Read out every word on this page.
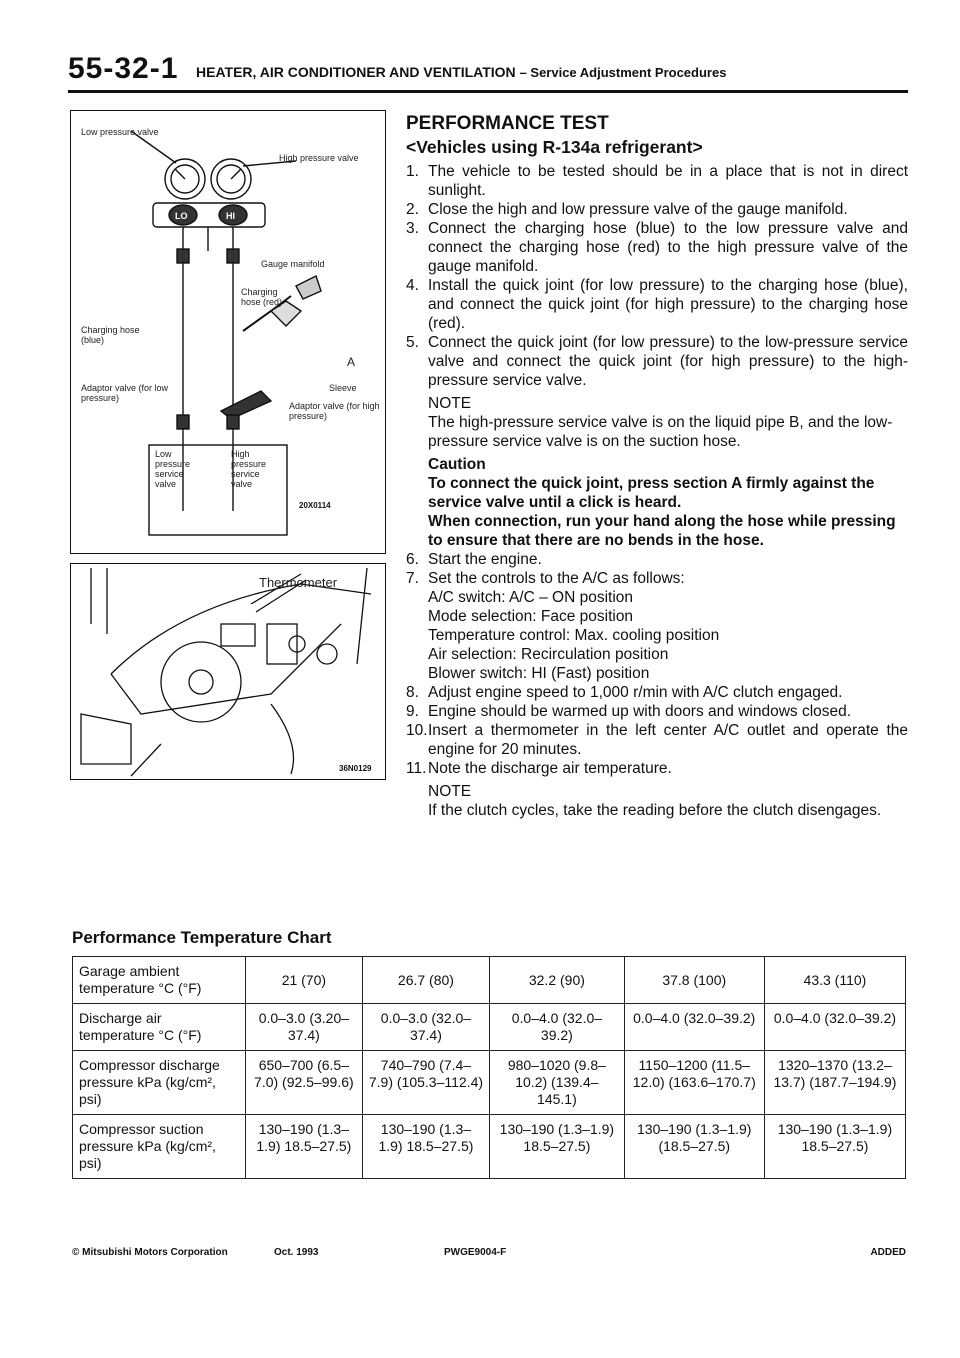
55-32-1 HEATER, AIR CONDITIONER AND VENTILATION – Service Adjustment Procedures
Low pressure valve
High pressure valve
LO	HI
Gauge manifold
Charging hose (red)
Charging hose (blue)
A
Sleeve
Adaptor valve (for low pressure)
Adaptor valve (for high pressure)
Low pressure service valve
High pressure service valve
20X0114
Thermometer
36N0129
PERFORMANCE TEST
<Vehicles using R-134a refrigerant>
1. The vehicle to be tested should be in a place that is not in direct sunlight.
2. Close the high and low pressure valve of the gauge manifold.
3. Connect the charging hose (blue) to the low pressure valve and connect the charging hose (red) to the high pressure valve of the gauge manifold.
4. Install the quick joint (for low pressure) to the charging hose (blue), and connect the quick joint (for high pressure) to the charging hose (red).
5. Connect the quick joint (for low pressure) to the low-pressure service valve and connect the quick joint (for high pressure) to the high-pressure service valve.
NOTE
The high-pressure service valve is on the liquid pipe B, and the low-pressure service valve is on the suction hose.
Caution
To connect the quick joint, press section A firmly against the service valve until a click is heard.
When connection, run your hand along the hose while pressing to ensure that there are no bends in the hose.
6. Start the engine.
7. Set the controls to the A/C as follows:
A/C switch: A/C – ON position
Mode selection: Face position
Temperature control: Max. cooling position
Air selection: Recirculation position
Blower switch: HI (Fast) position
8. Adjust engine speed to 1,000 r/min with A/C clutch engaged.
9. Engine should be warmed up with doors and windows closed.
10. Insert a thermometer in the left center A/C outlet and operate the engine for 20 minutes.
11. Note the discharge air temperature.
NOTE
If the clutch cycles, take the reading before the clutch disengages.
Performance Temperature Chart
Garage ambient temperature °C (°F)	21 (70)	26.7 (80)	32.2 (90)	37.8 (100)	43.3 (110)
Discharge air temperature °C (°F)	0.0–3.0 (3.20–37.4)	0.0–3.0 (32.0–37.4)	0.0–4.0 (32.0–39.2)	0.0–4.0 (32.0–39.2)	0.0–4.0 (32.0–39.2)
Compressor discharge pressure kPa (kg/cm², psi)	650–700 (6.5–7.0) (92.5–99.6)	740–790 (7.4–7.9) (105.3–112.4)	980–1020 (9.8–10.2) (139.4–145.1)	1150–1200 (11.5–12.0) (163.6–170.7)	1320–1370 (13.2–13.7) (187.7–194.9)
Compressor suction pressure kPa (kg/cm², psi)	130–190 (1.3–1.9) 18.5–27.5)	130–190 (1.3–1.9) 18.5–27.5)	130–190 (1.3–1.9) 18.5–27.5)	130–190 (1.3–1.9) (18.5–27.5)	130–190 (1.3–1.9) 18.5–27.5)
© Mitsubishi Motors Corporation	Oct. 1993	PWGE9004-F	ADDED
